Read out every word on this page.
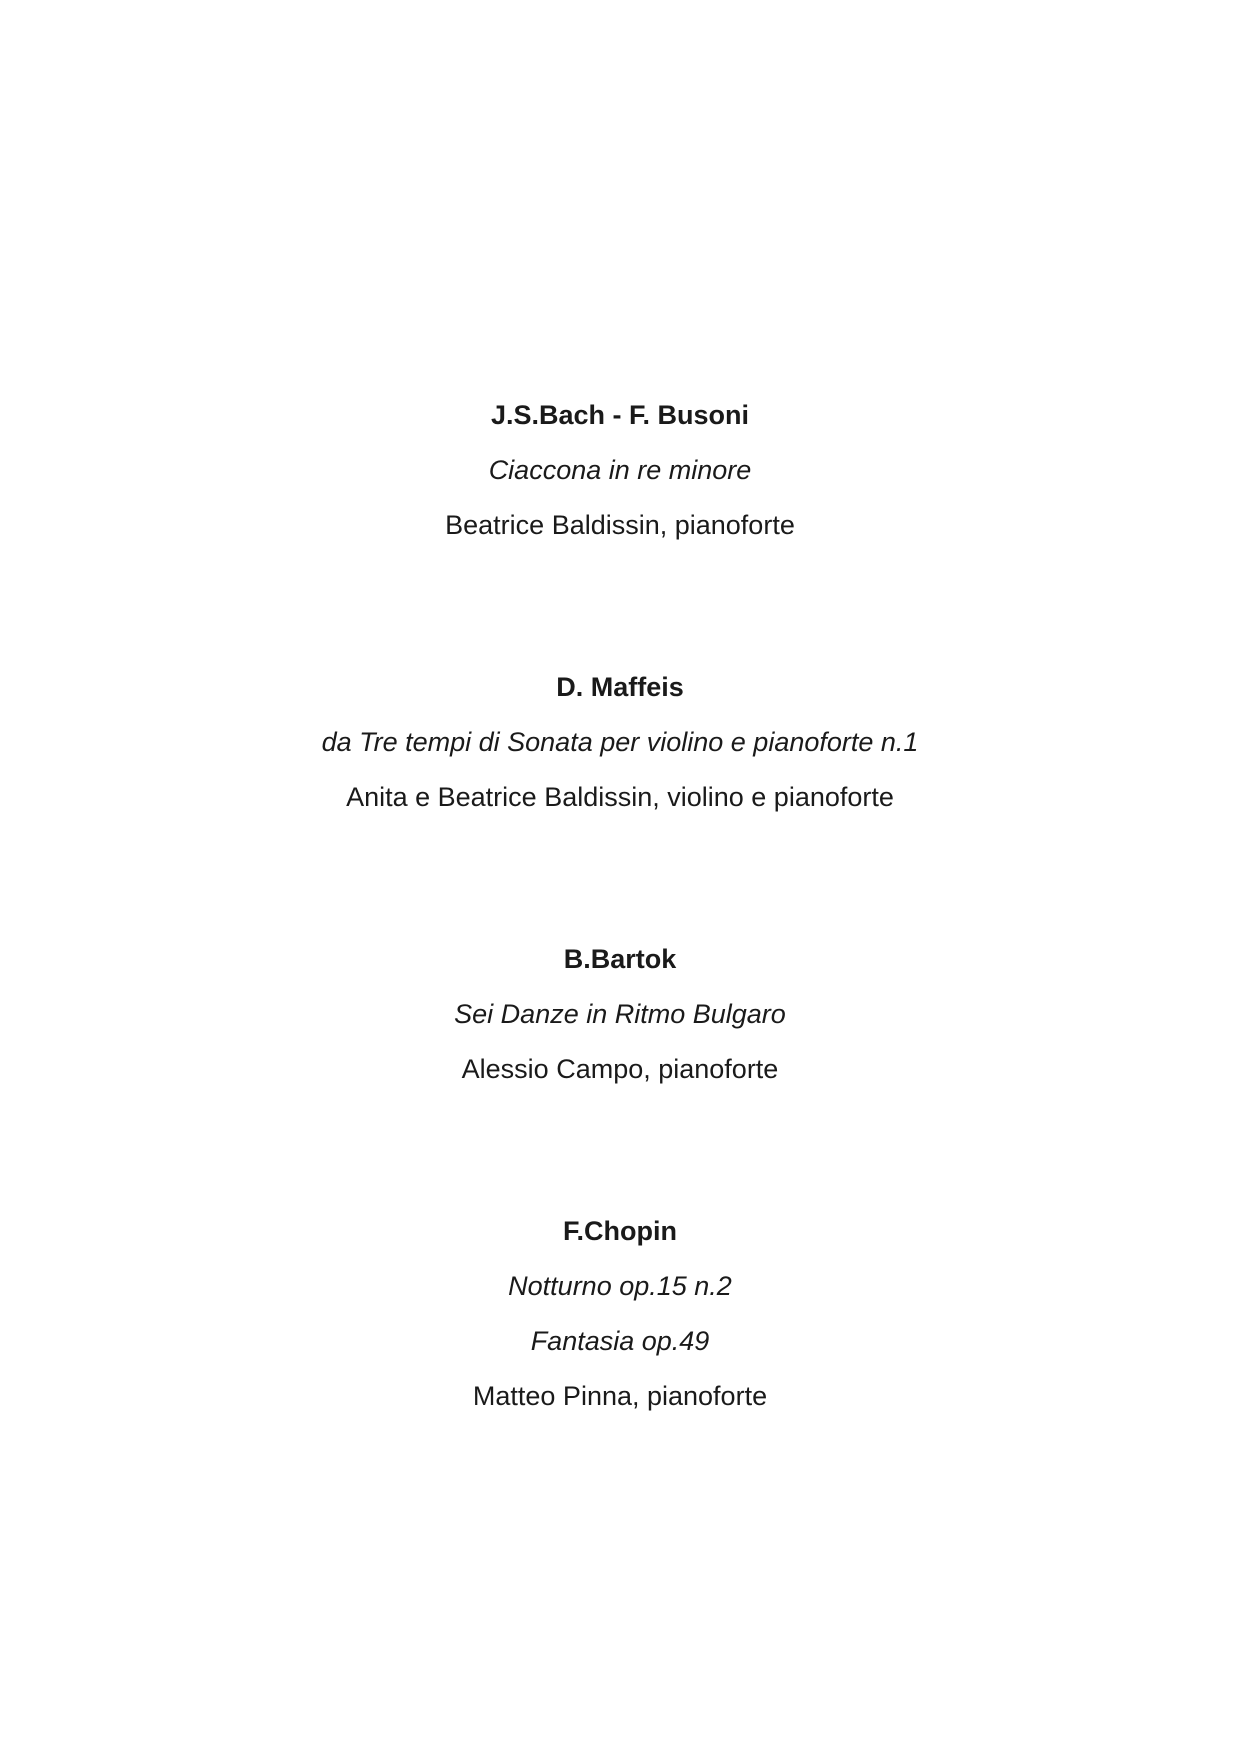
J.S.Bach - F. Busoni
Ciaccona in re minore
Beatrice Baldissin, pianoforte
D. Maffeis
da Tre tempi di Sonata per violino e pianoforte n.1
Anita e Beatrice Baldissin, violino e pianoforte
B.Bartok
Sei Danze in Ritmo Bulgaro
Alessio Campo, pianoforte
F.Chopin
Notturno op.15 n.2
Fantasia op.49
Matteo Pinna, pianoforte
